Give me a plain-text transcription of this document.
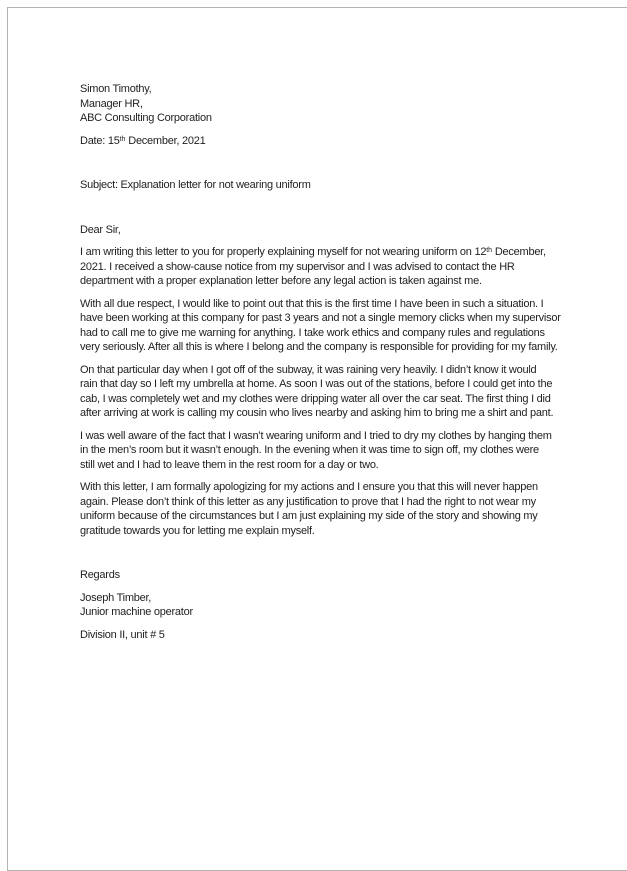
Simon Timothy,
Manager HR,
ABC Consulting Corporation
Date: 15th December, 2021
Subject: Explanation letter for not wearing uniform
Dear Sir,
I am writing this letter to you for properly explaining myself for not wearing uniform on 12th December,
2021. I received a show-cause notice from my supervisor and I was advised to contact the HR
department with a proper explanation letter before any legal action is taken against me.
With all due respect, I would like to point out that this is the first time I have been in such a situation. I
have been working at this company for past 3 years and not a single memory clicks when my supervisor
had to call me to give me warning for anything. I take work ethics and company rules and regulations
very seriously. After all this is where I belong and the company is responsible for providing for my family.
On that particular day when I got off of the subway, it was raining very heavily. I didn’t know it would
rain that day so I left my umbrella at home. As soon I was out of the stations, before I could get into the
cab, I was completely wet and my clothes were dripping water all over the car seat. The first thing I did
after arriving at work is calling my cousin who lives nearby and asking him to bring me a shirt and pant.
I was well aware of the fact that I wasn’t wearing uniform and I tried to dry my clothes by hanging them
in the men’s room but it wasn’t enough. In the evening when it was time to sign off, my clothes were
still wet and I had to leave them in the rest room for a day or two.
With this letter, I am formally apologizing for my actions and I ensure you that this will never happen
again. Please don’t think of this letter as any justification to prove that I had the right to not wear my
uniform because of the circumstances but I am just explaining my side of the story and showing my
gratitude towards you for letting me explain myself.
Regards
Joseph Timber,
Junior machine operator
Division II, unit # 5
